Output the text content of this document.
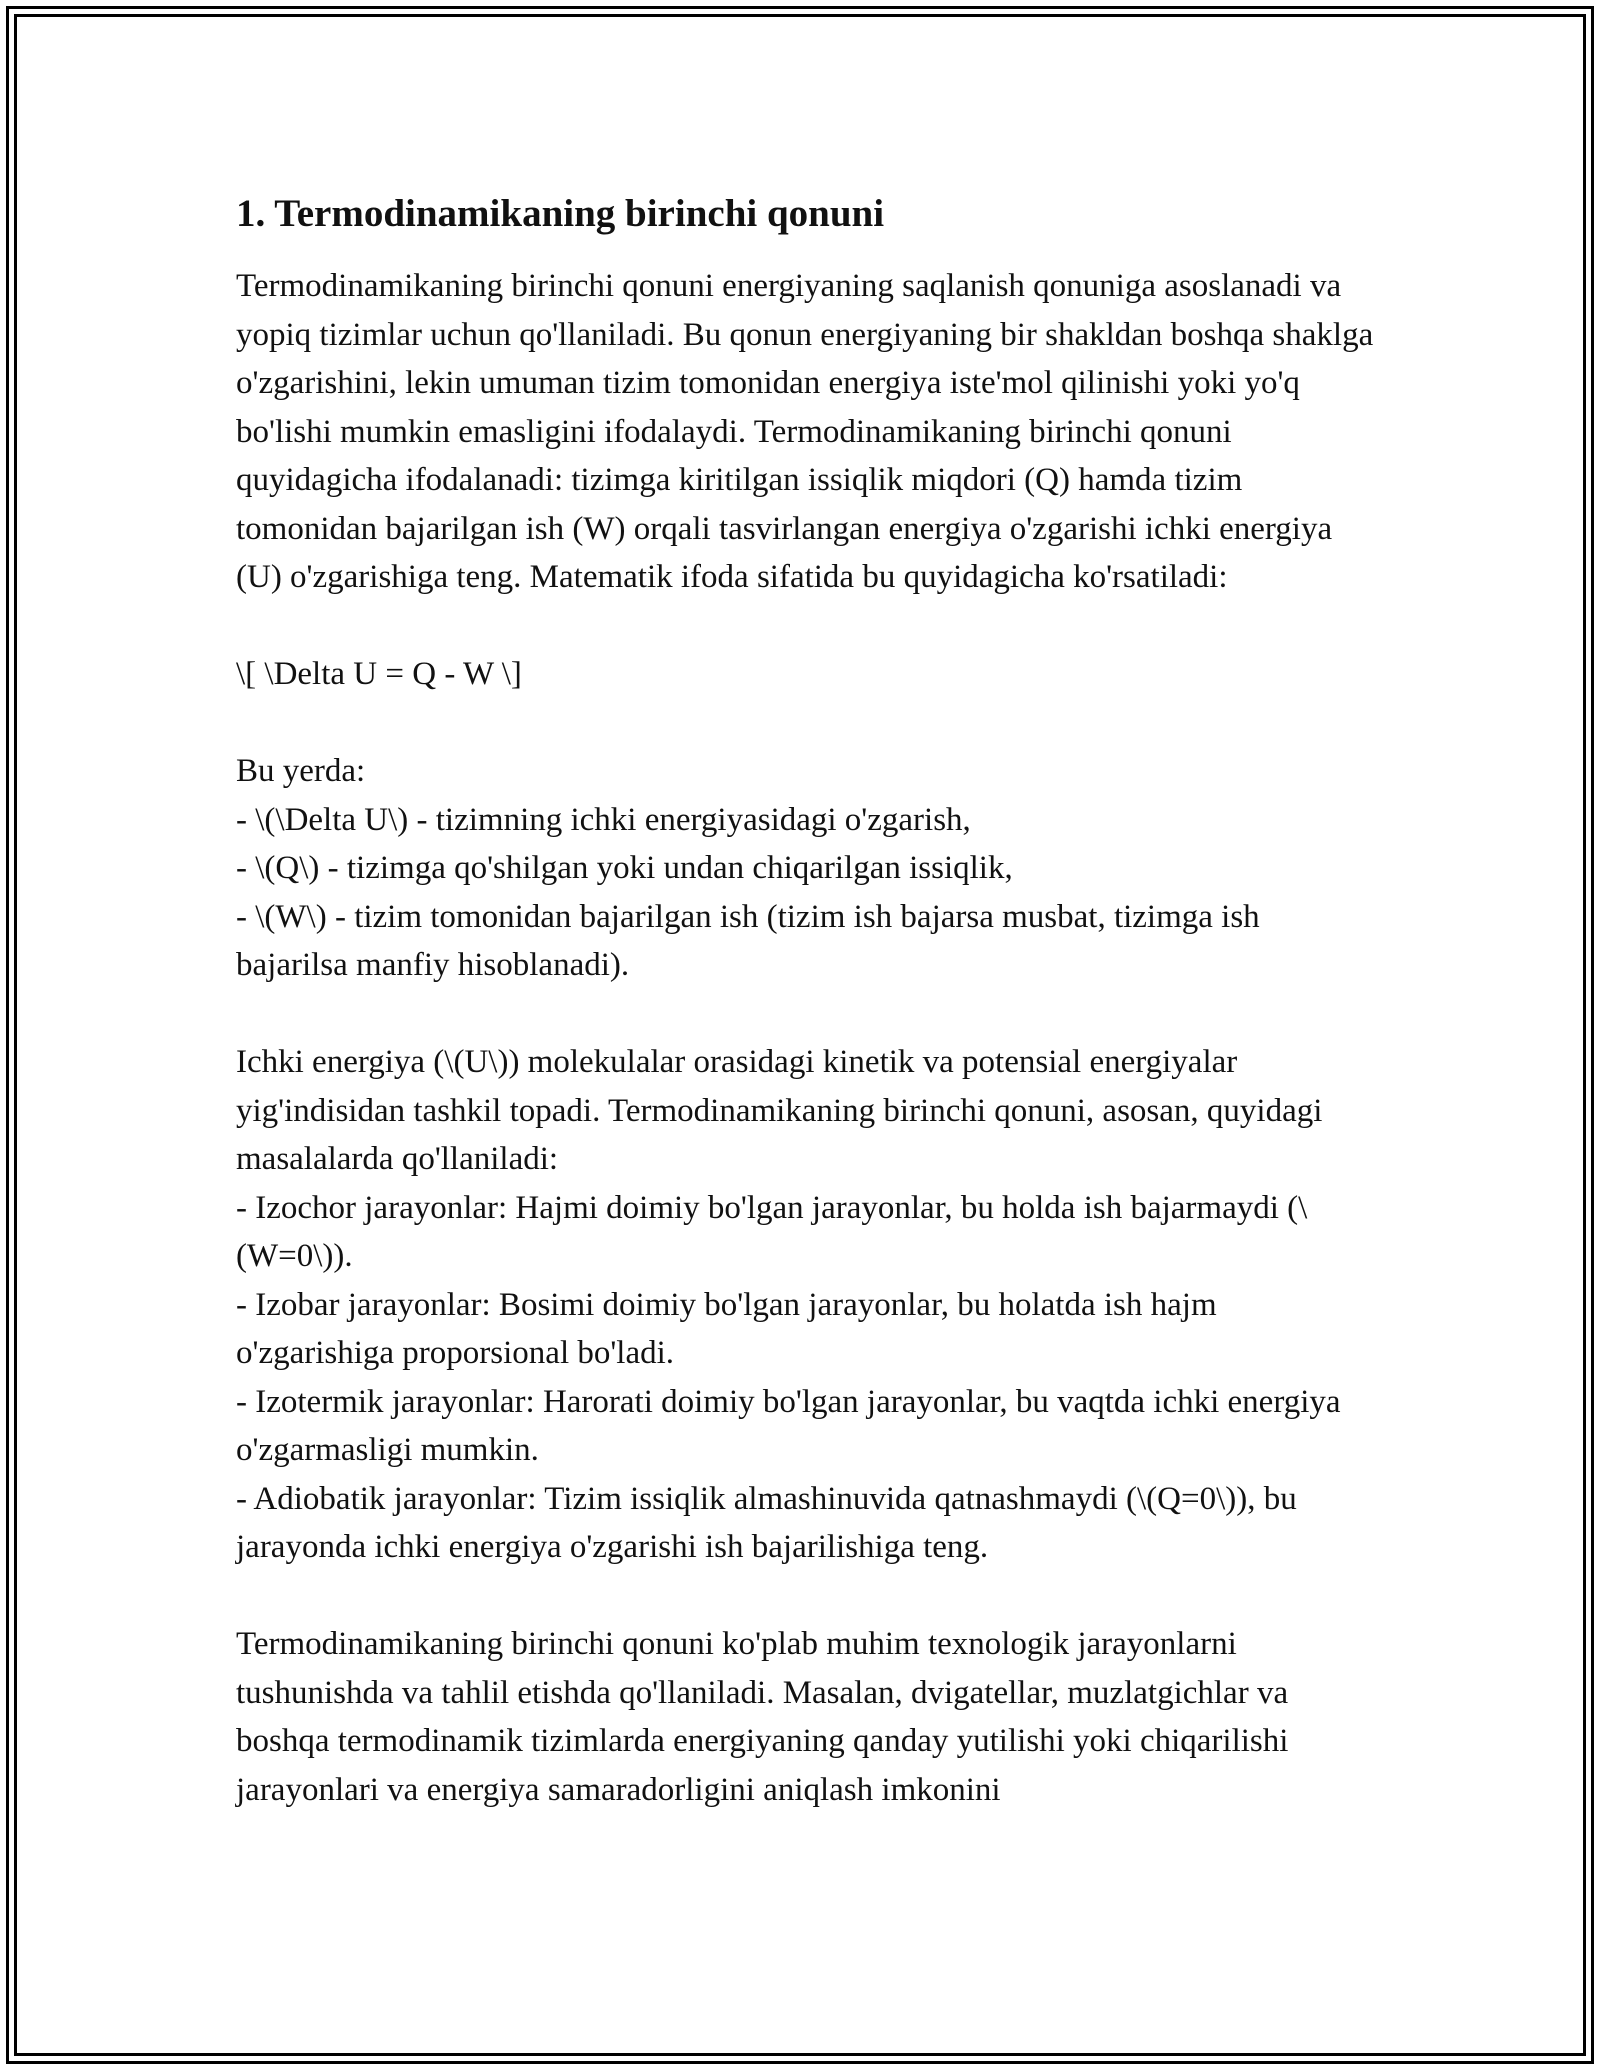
1. Termodinamikaning birinchi qonuni

Termodinamikaning birinchi qonuni energiyaning saqlanish qonuniga asoslanadi va yopiq tizimlar uchun qo'llaniladi. Bu qonun energiyaning bir shakldan boshqa shaklga o'zgarishini, lekin umuman tizim tomonidan energiya iste'mol qilinishi yoki yo'q bo'lishi mumkin emasligini ifodalaydi. Termodinamikaning birinchi qonuni quyidagicha ifodalanadi: tizimga kiritilgan issiqlik miqdori (Q) hamda tizim tomonidan bajarilgan ish (W) orqali tasvirlangan energiya o'zgarishi ichki energiya (U) o'zgarishiga teng. Matematik ifoda sifatida bu quyidagicha ko'rsatiladi:

\[ \Delta U = Q - W \]

Bu yerda:

- \(\Delta U\) - tizimning ichki energiyasidagi o'zgarish,

- \(Q\) - tizimga qo'shilgan yoki undan chiqarilgan issiqlik,

- \(W\) - tizim tomonidan bajarilgan ish (tizim ish bajarsa musbat, tizimga ish bajarilsa manfiy hisoblanadi).

Ichki energiya (\(U\)) molekulalar orasidagi kinetik va potensial energiyalar yig'indisidan tashkil topadi. Termodinamikaning birinchi qonuni, asosan, quyidagi masalalarda qo'llaniladi:

- Izochor jarayonlar: Hajmi doimiy bo'lgan jarayonlar, bu holda ish bajarmaydi (\(W=0\)).

- Izobar jarayonlar: Bosimi doimiy bo'lgan jarayonlar, bu holatda ish hajm o'zgarishiga proporsional bo'ladi.

- Izotermik jarayonlar: Harorati doimiy bo'lgan jarayonlar, bu vaqtda ichki energiya o'zgarmasligi mumkin.

- Adiobatik jarayonlar: Tizim issiqlik almashinuvida qatnashmaydi (\(Q=0\)), bu jarayonda ichki energiya o'zgarishi ish bajarilishiga teng.

Termodinamikaning birinchi qonuni ko'plab muhim texnologik jarayonlarni tushunishda va tahlil etishda qo'llaniladi. Masalan, dvigatellar, muzlatgichlar va boshqa termodinamik tizimlarda energiyaning qanday yutilishi yoki chiqarilishi jarayonlari va energiya samaradorligini aniqlash imkonini
